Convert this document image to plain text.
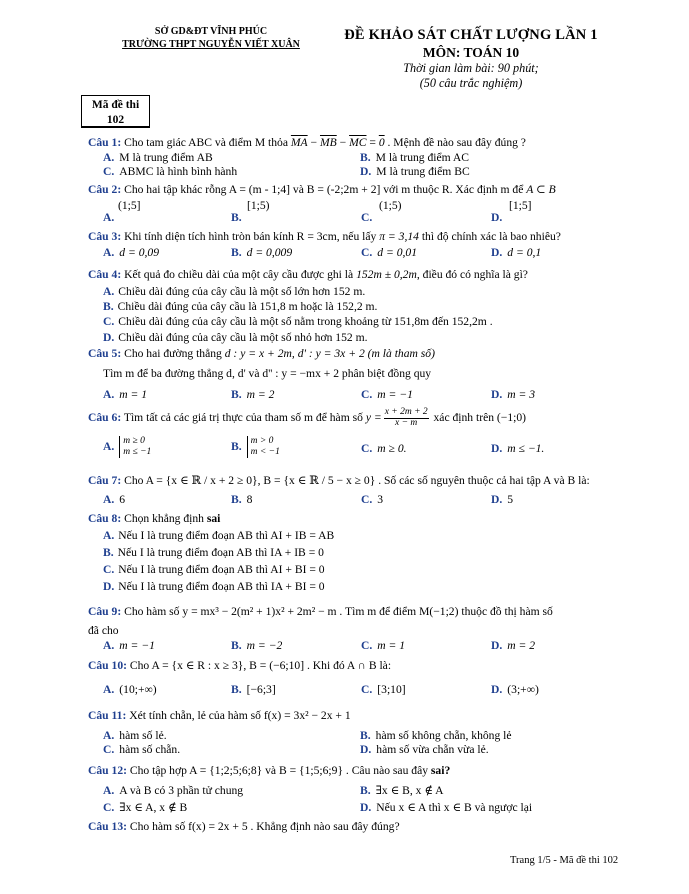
SỞ GD&ĐT VĨNH PHÚC
TRƯỜNG THPT NGUYỄN VIẾT XUÂN
ĐỀ KHẢO SÁT CHẤT LƯỢNG LẦN 1
MÔN: TOÁN 10
Thời gian làm bài: 90 phút;
(50 câu trắc nghiệm)
Mã đề thi
102
Câu 1: Cho tam giác ABC và điểm M thỏa $\overline{MA} - \overline{MB} - \overline{MC} = 0$ . Mệnh đề nào sau đây đúng ?
A. M là trung điểm AB	B. M là trung điểm AC
C. ABMC là hình bình hành	D. M là trung điểm BC
Câu 2: Cho hai tập khác rỗng A = (m - 1;4] và B = (-2;2m + 2] với m thuộc R. Xác định m để A ⊂ B
(1;5]	[1;5)	(1;5)	[1;5]
A.	B.	C.	D.
Câu 3: Khi tính diện tích hình tròn bán kính R = 3cm, nếu lấy π = 3,14 thì độ chính xác là bao nhiêu?
A. d = 0,09	B. d = 0,009	C. d = 0,01	D. d = 0,1
Câu 4: Kết quả đo chiều dài của một cây cầu được ghi là 152m ± 0,2m, điều đó có nghĩa là gì?
A. Chiều dài đúng của cây cầu là một số lớn hơn 152 m.
B. Chiều dài đúng của cây cầu là 151,8 m hoặc là 152,2 m.
C. Chiều dài đúng của cây cầu là một số nằm trong khoảng từ 151,8m đến 152,2m .
D. Chiều dài đúng của cây cầu là một số nhỏ hơn 152 m.
Câu 5: Cho hai đường thẳng d : y = x + 2m, d' : y = 3x + 2 (m là tham số)
Tìm m để ba đường thẳng d, d' và d'' : y = −mx + 2 phân biệt đồng quy
A. m = 1	B. m = 2	C. m = −1	D. m = 3
Câu 6: Tìm tất cả các giá trị thực của tham số m để hàm số $y = \frac{x + 2m + 2}{x - m}$ xác định trên (−1;0)
A. m ≥ 0
m ≤ −1	B. m > 0
m < −1	C. m ≥ 0.	D. m ≤ −1.
Câu 7: Cho A = {x ∈ ℝ / x + 2 ≥ 0}, B = {x ∈ ℝ / 5 − x ≥ 0} . Số các số nguyên thuộc cả hai tập A và B là:
A. 6	B. 8	C. 3	D. 5
Câu 8: Chọn khẳng định sai
A. Nếu I là trung điểm đoạn AB thì AI + IB = AB
B. Nếu I là trung điểm đoạn AB thì IA + IB = 0
C. Nếu I là trung điểm đoạn AB thì AI + BI = 0
D. Nếu I là trung điểm đoạn AB thì IA + BI = 0
Câu 9: Cho hàm số y = mx³ − 2(m² + 1)x² + 2m² − m . Tìm m để điểm M(−1;2) thuộc đồ thị hàm số
đã cho
A. m = −1	B. m = −2	C. m = 1	D. m = 2
Câu 10: Cho A = {x ∈ R : x ≥ 3}, B = (−6;10] . Khi đó A ∩ B là:
A. (10;+∞)	B. [−6;3]	C. [3;10]	D. (3;+∞)
Câu 11: Xét tính chẵn, lẻ của hàm số f(x) = 3x² − 2x + 1
A. hàm số lẻ.	B. hàm số không chẵn, không lẻ
C. hàm số chẵn.	D. hàm số vừa chẵn vừa lẻ.
Câu 12: Cho tập hợp A = {1;2;5;6;8} và B = {1;5;6;9} . Câu nào sau đây sai?
A. A và B có 3 phần tử chung	B. ∃x ∈ B, x ∉ A
C. ∃x ∈ A, x ∉ B	D. Nếu x ∈ A thì x ∈ B và ngược lại
Câu 13: Cho hàm số f(x) = 2x + 5 . Khẳng định nào sau đây đúng?
Trang 1/5 - Mã đề thi 102
